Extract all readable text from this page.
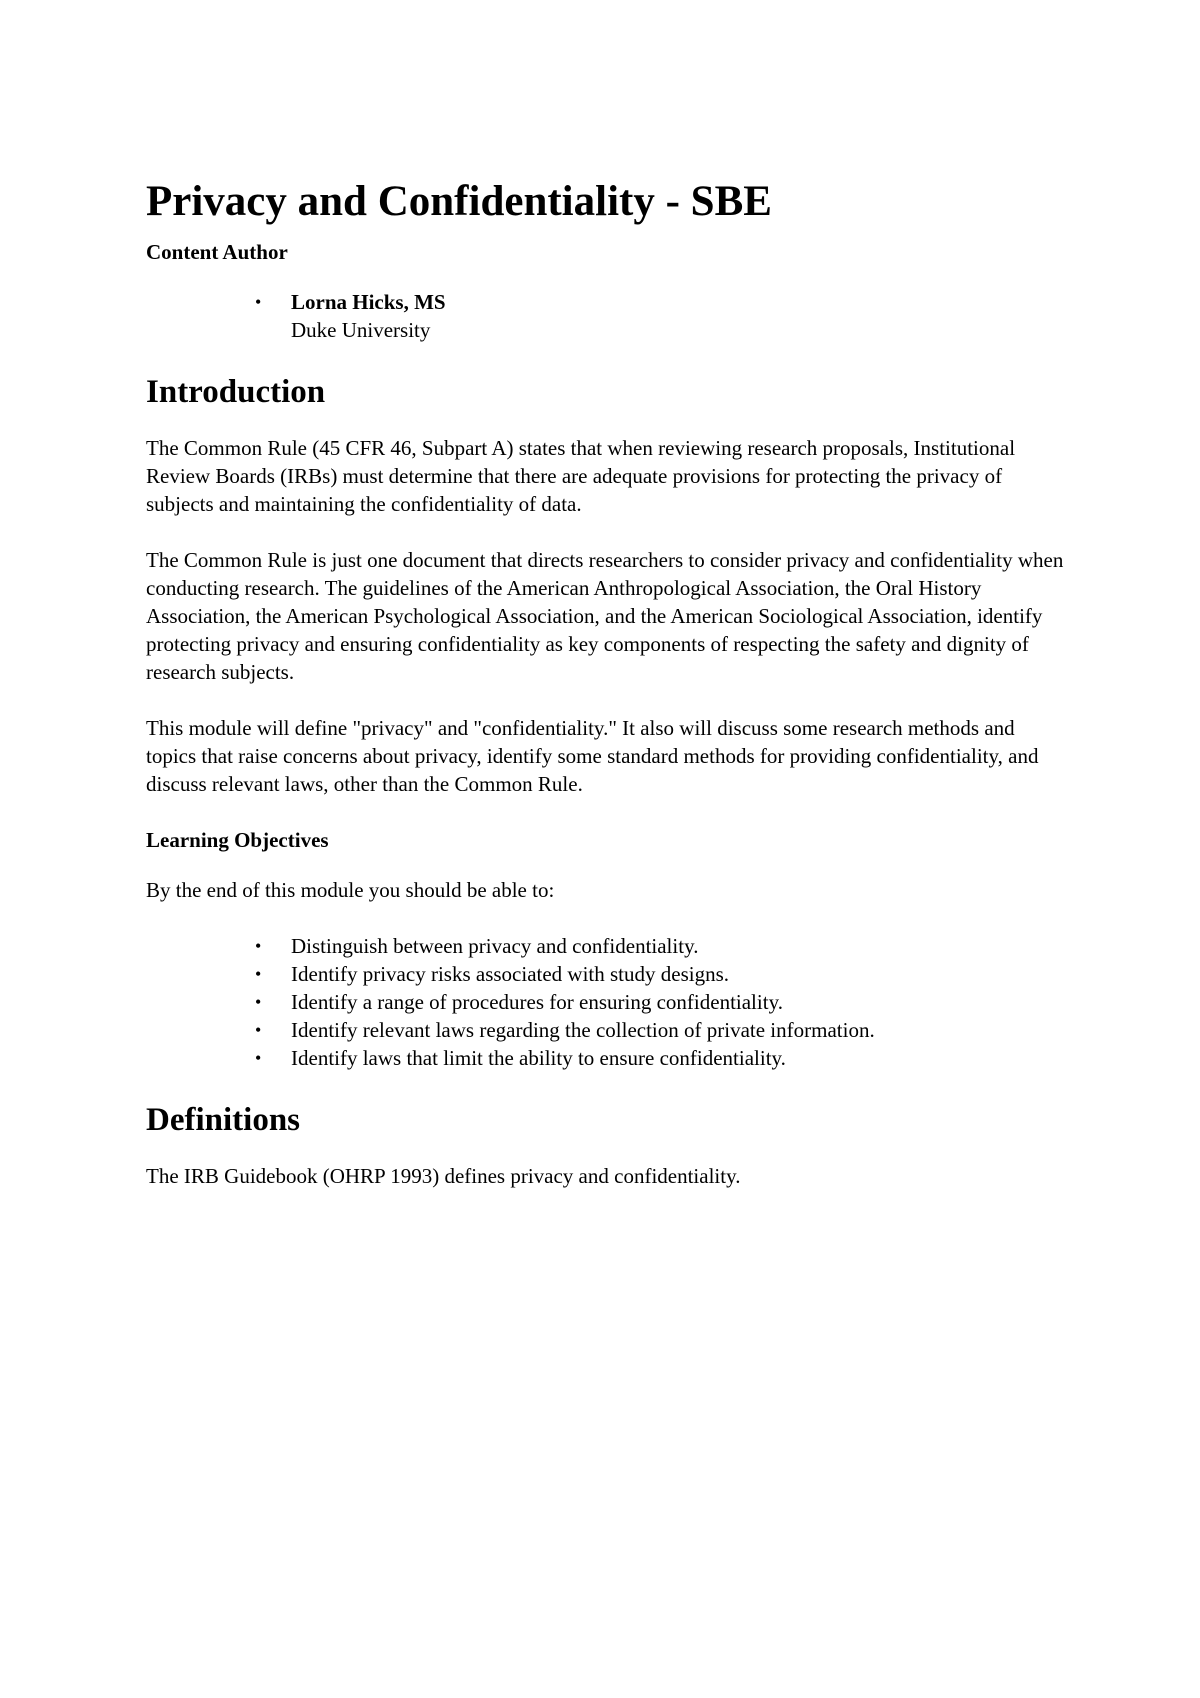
Privacy and Confidentiality - SBE
Content Author
• Lorna Hicks, MS
Duke University
Introduction

The Common Rule (45 CFR 46, Subpart A) states that when reviewing research proposals, Institutional Review Boards (IRBs) must determine that there are adequate provisions for protecting the privacy of subjects and maintaining the confidentiality of data.

The Common Rule is just one document that directs researchers to consider privacy and confidentiality when conducting research. The guidelines of the American Anthropological Association, the Oral History Association, the American Psychological Association, and the American Sociological Association, identify protecting privacy and ensuring confidentiality as key components of respecting the safety and dignity of research subjects.

This module will define "privacy" and "confidentiality." It also will discuss some research methods and topics that raise concerns about privacy, identify some standard methods for providing confidentiality, and discuss relevant laws, other than the Common Rule.

Learning Objectives

By the end of this module you should be able to:

• Distinguish between privacy and confidentiality.
• Identify privacy risks associated with study designs.
• Identify a range of procedures for ensuring confidentiality.
• Identify relevant laws regarding the collection of private information.
• Identify laws that limit the ability to ensure confidentiality.
Definitions

The IRB Guidebook (OHRP 1993) defines privacy and confidentiality.
